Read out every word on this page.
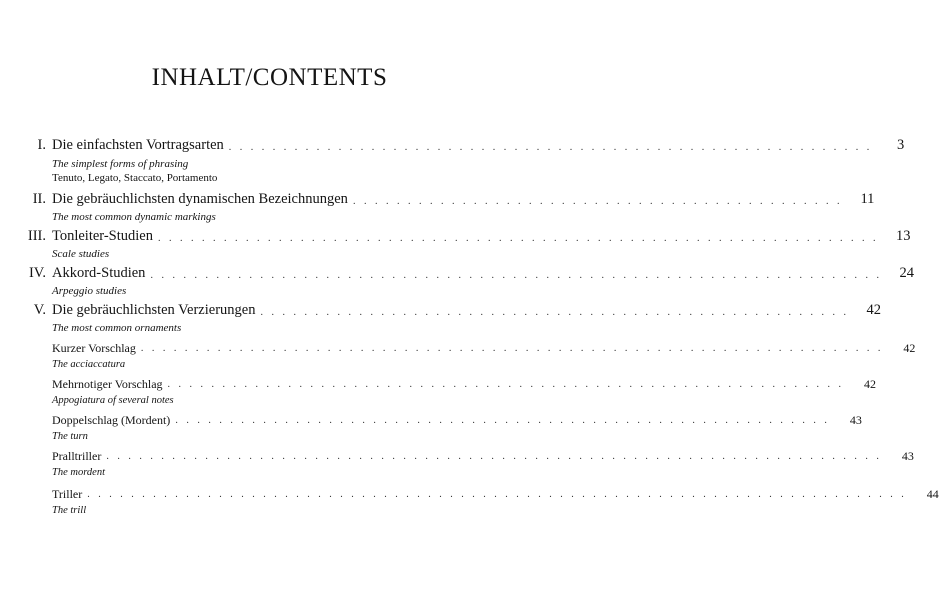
INHALT/CONTENTS
I. Die einfachsten Vortragsarten . . . . . . . . . . . . . . . . . . . . . . . . . . . . . . . . . . . . . . . . . . . . . . . . . . . . . . . . . . .	3
The simplest forms of phrasing
Tenuto, Legato, Staccato, Portamento
II. Die gebräuchlichsten dynamischen Bezeichnungen . . . . . . . . . . . . . . . . . . . . . . . . . . . . . . . . . . . . . . . . . . . . .	11
The most common dynamic markings
III. Tonleiter-Studien . . . . . . . . . . . . . . . . . . . . . . . . . . . . . . . . . . . . . . . . . . . . . . . . . . . . . . . . . . . . . . . . . .	13
Scale studies
IV. Akkord-Studien . . . . . . . . . . . . . . . . . . . . . . . . . . . . . . . . . . . . . . . . . . . . . . . . . . . . . . . . . . . . . . . . . . .	24
Arpeggio studies
V. Die gebräuchlichsten Verzierungen . . . . . . . . . . . . . . . . . . . . . . . . . . . . . . . . . . . . . . . . . . . . . . . . . . . . . .	42
The most common ornaments
Kurzer Vorschlag . . . . . . . . . . . . . . . . . . . . . . . . . . . . . . . . . . . . . . . . . . . . . . . . . . . . . . . . . . . . . . . . . . . .	42
The acciaccatura
Mehrnotiger Vorschlag . . . . . . . . . . . . . . . . . . . . . . . . . . . . . . . . . . . . . . . . . . . . . . . . . . . . . . . . . . . . . .	42
Appogiatura of several notes
Doppelschlag (Mordent) . . . . . . . . . . . . . . . . . . . . . . . . . . . . . . . . . . . . . . . . . . . . . . . . . . . . . . . . . . . .	43
The turn
Pralltriller . . . . . . . . . . . . . . . . . . . . . . . . . . . . . . . . . . . . . . . . . . . . . . . . . . . . . . . . . . . . . . . . . . . . . . .	43
The mordent
Triller . . . . . . . . . . . . . . . . . . . . . . . . . . . . . . . . . . . . . . . . . . . . . . . . . . . . . . . . . . . . . . . . . . . . . . . . . . .	44
The trill
